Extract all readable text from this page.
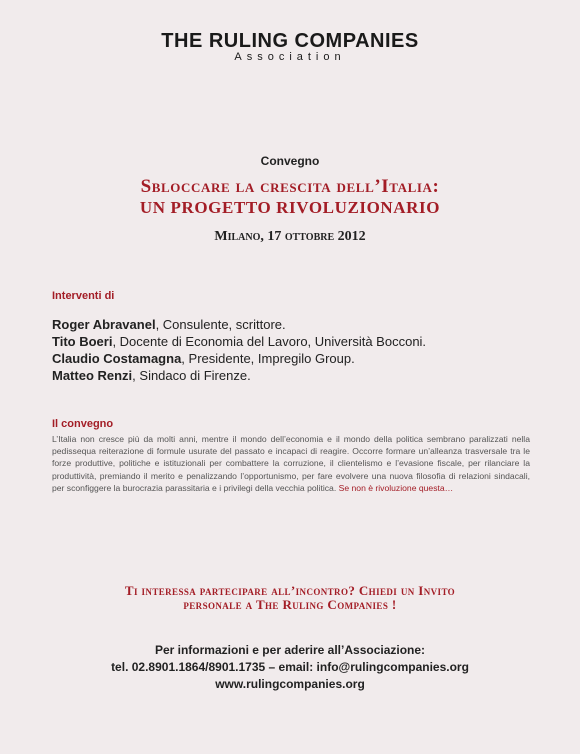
THE RULING COMPANIES
Association
Convegno
Sbloccare la crescita dell’Italia:
UN PROGETTO RIVOLUZIONARIO
Milano, 17 ottobre 2012
Interventi di
Roger Abravanel, Consulente, scrittore.
Tito Boeri, Docente di Economia del Lavoro, Università Bocconi.
Claudio Costamagna, Presidente, Impregilo Group.
Matteo Renzi, Sindaco di Firenze.
Il convegno
L’Italia non cresce più da molti anni, mentre il mondo dell’economia e il mondo della politica sembrano paralizzati nella pedissequa reiterazione di formule usurate del passato e incapaci di reagire. Occorre formare un’alleanza trasversale tra le forze produttive, politiche e istituzionali per combattere la corruzione, il clientelismo e l’evasione fiscale, per rilanciare la produttività, premiando il merito e penalizzando l’opportunismo, per fare evolvere una nuova filosofia di relazioni sindacali, per sconfiggere la burocrazia parassitaria e i privilegi della vecchia politica. Se non è rivoluzione questa…
Ti interessa partecipare all’incontro? Chiedi un Invito
personale a The Ruling Companies !
Per informazioni e per aderire all’Associazione:
tel. 02.8901.1864/8901.1735 – email: info@rulingcompanies.org
www.rulingcompanies.org
